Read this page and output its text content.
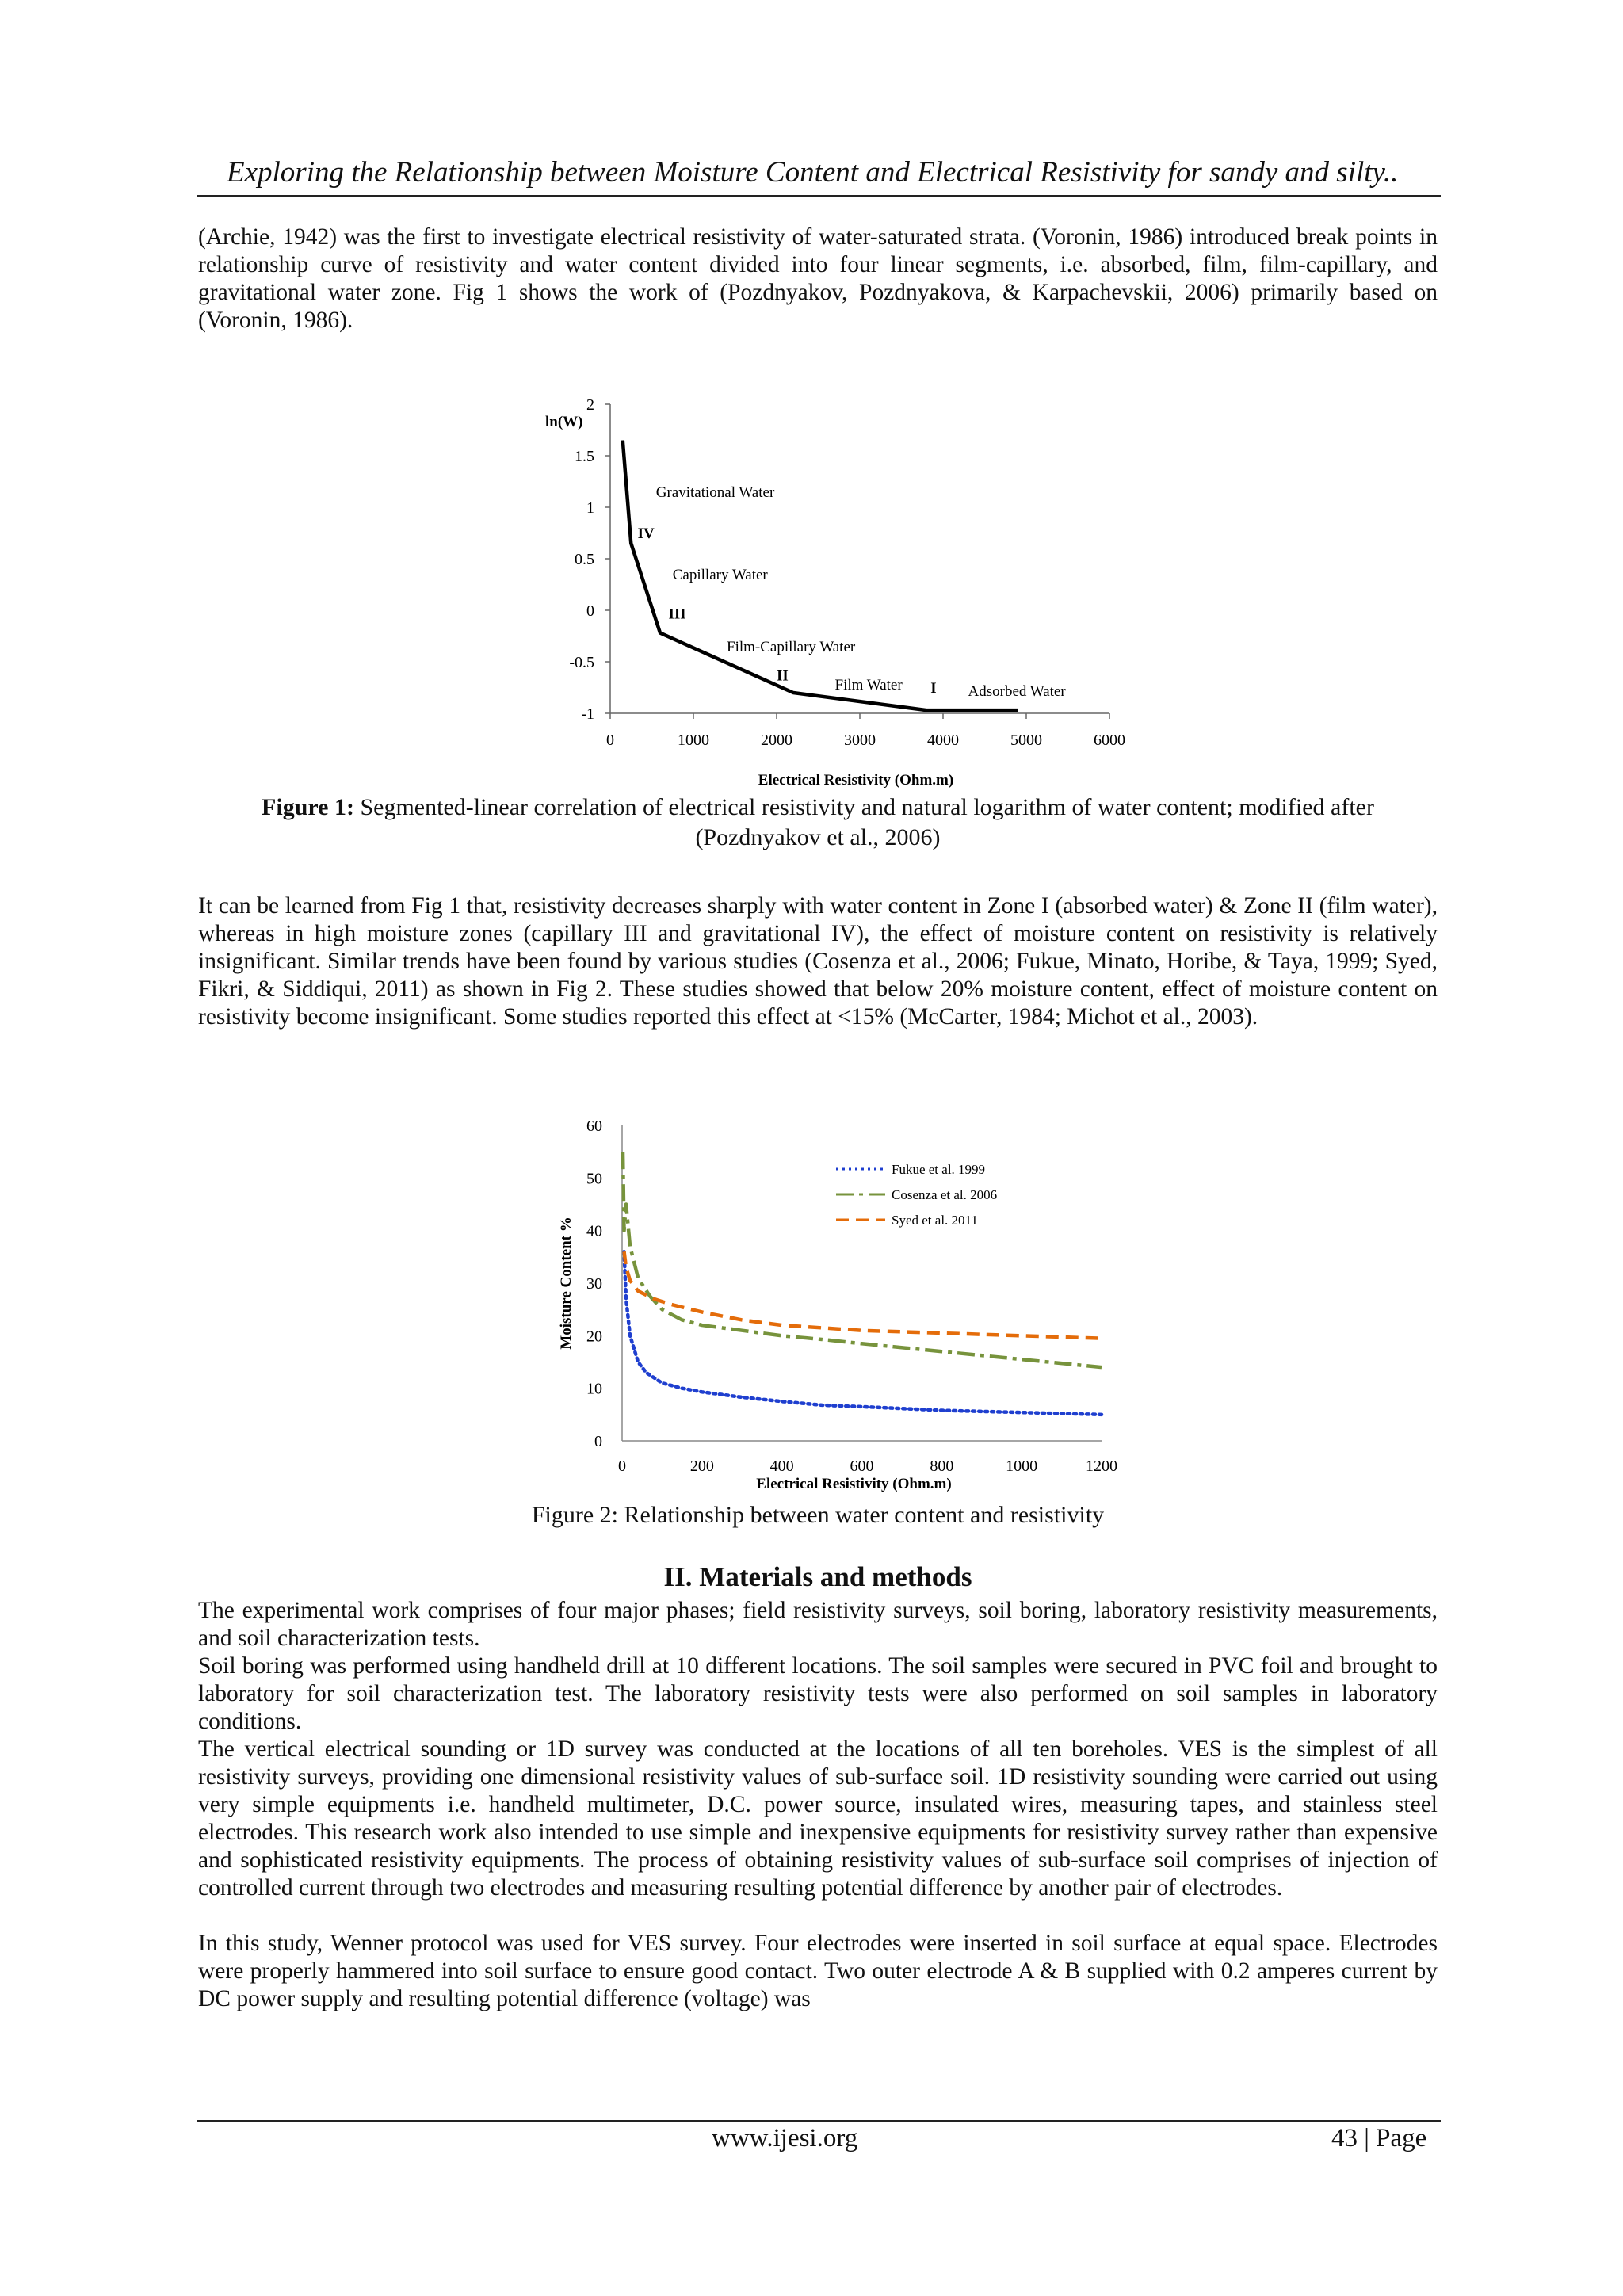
Exploring the Relationship between Moisture Content and Electrical Resistivity for sandy and silty..

(Archie, 1942) was the first to investigate electrical resistivity of water-saturated strata. (Voronin, 1986) introduced break points in relationship curve of resistivity and water content divided into four linear segments, i.e. absorbed, film, film-capillary, and gravitational water zone. Fig 1 shows the work of (Pozdnyakov, Pozdnyakova, & Karpachevskii, 2006) primarily based on (Voronin, 1986).

2
1.5
1
0.5
0
-0.5
-1
0	1000	2000	3000	4000	5000	6000
ln(W)
Electrical Resistivity (Ohm.m)
Gravitational Water
IV
Capillary Water
III
Film-Capillary Water
II
Film Water I Adsorbed Water
Figure 1: Segmented-linear correlation of electrical resistivity and natural logarithm of water content; modified after (Pozdnyakov et al., 2006)

It can be learned from Fig 1 that, resistivity decreases sharply with water content in Zone I (absorbed water) & Zone II (film water), whereas in high moisture zones (capillary III and gravitational IV), the effect of moisture content on resistivity is relatively insignificant. Similar trends have been found by various studies (Cosenza et al., 2006; Fukue, Minato, Horibe, & Taya, 1999; Syed, Fikri, & Siddiqui, 2011) as shown in Fig 2. These studies showed that below 20% moisture content, effect of moisture content on resistivity become insignificant. Some studies reported this effect at <15% (McCarter, 1984; Michot et al., 2003).

60
50
40
30
20
10
0
0	200	400	600	800	1000	1200
Moisture Content %
Electrical Resistivity (Ohm.m)
Fukue et al. 1999
Cosenza et al. 2006
Syed et al. 2011
Figure 2: Relationship between water content and resistivity
II. Materials and methods

The experimental work comprises of four major phases; field resistivity surveys, soil boring, laboratory resistivity measurements, and soil characterization tests.

Soil boring was performed using handheld drill at 10 different locations. The soil samples were secured in PVC foil and brought to laboratory for soil characterization test. The laboratory resistivity tests were also performed on soil samples in laboratory conditions.

The vertical electrical sounding or 1D survey was conducted at the locations of all ten boreholes. VES is the simplest of all resistivity surveys, providing one dimensional resistivity values of sub-surface soil. 1D resistivity sounding were carried out using very simple equipments i.e. handheld multimeter, D.C. power source, insulated wires, measuring tapes, and stainless steel electrodes. This research work also intended to use simple and inexpensive equipments for resistivity survey rather than expensive and sophisticated resistivity equipments. The process of obtaining resistivity values of sub-surface soil comprises of injection of controlled current through two electrodes and measuring resulting potential difference by another pair of electrodes.

In this study, Wenner protocol was used for VES survey. Four electrodes were inserted in soil surface at equal space. Electrodes were properly hammered into soil surface to ensure good contact. Two outer electrode A & B supplied with 0.2 amperes current by DC power supply and resulting potential difference (voltage) was

www.ijesi.org	43 | Page
